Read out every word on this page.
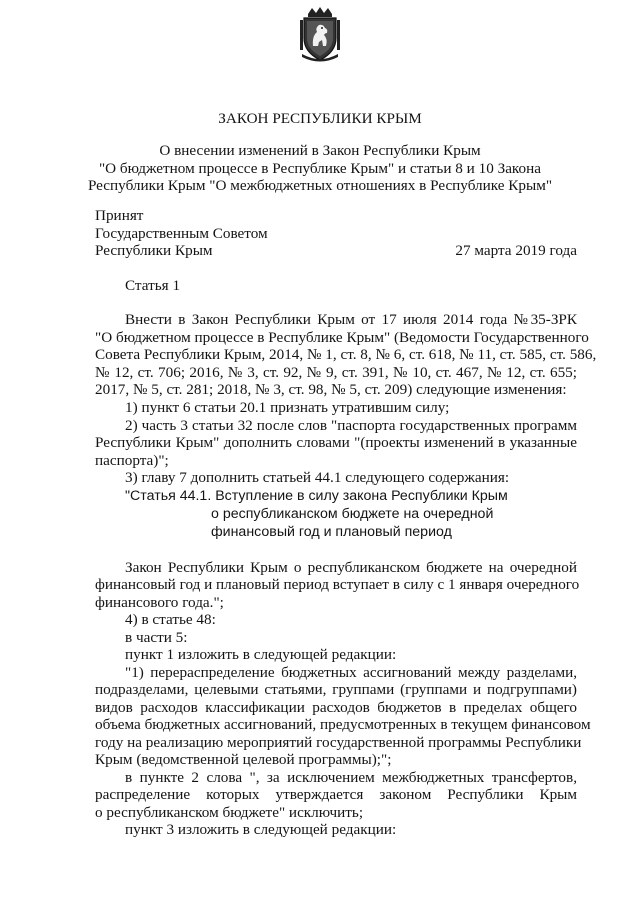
ЗАКОН РЕСПУБЛИКИ КРЫМ
О внесении изменений в Закон Республики Крым
"О бюджетном процессе в Республике Крым" и статьи 8 и 10 Закона
Республики Крым "О межбюджетных отношениях в Республике Крым"
Принят
Государственным Советом
Республики Крым	27 марта 2019 года
Статья 1
Внести в Закон Республики Крым от 17 июля 2014 года №35-ЗРК
"О бюджетном процессе в Республике Крым" (Ведомости Государственного
Совета Республики Крым, 2014, № 1, ст. 8, № 6, ст. 618, № 11, ст. 585, ст. 586,
№ 12, ст. 706; 2016, № 3, ст. 92, № 9, ст. 391, № 10, ст. 467, № 12, ст. 655;
2017, № 5, ст. 281; 2018, № 3, ст. 98, № 5, ст. 209) следующие изменения:
1) пункт 6 статьи 20.1 признать утратившим силу;
2) часть 3 статьи 32 после слов "паспорта государственных программ
Республики Крым" дополнить словами "(проекты изменений в указанные
паспорта)";
3) главу 7 дополнить статьей 44.1 следующего содержания:
"Статья 44.1. Вступление в силу закона Республики Крым
о республиканском бюджете на очередной
финансовый год и плановый период
Закон Республики Крым о республиканском бюджете на очередной
финансовый год и плановый период вступает в силу с 1 января очередного
финансового года.";
4) в статье 48:
в части 5:
пункт 1 изложить в следующей редакции:
"1) перераспределение бюджетных ассигнований между разделами,
подразделами, целевыми статьями, группами (группами и подгруппами)
видов расходов классификации расходов бюджетов в пределах общего
объема бюджетных ассигнований, предусмотренных в текущем финансовом
году на реализацию мероприятий государственной программы Республики
Крым (ведомственной целевой программы);";
в пункте 2 слова ", за исключением межбюджетных трансфертов,
распределение которых утверждается законом Республики Крым
о республиканском бюджете" исключить;
пункт 3 изложить в следующей редакции:
